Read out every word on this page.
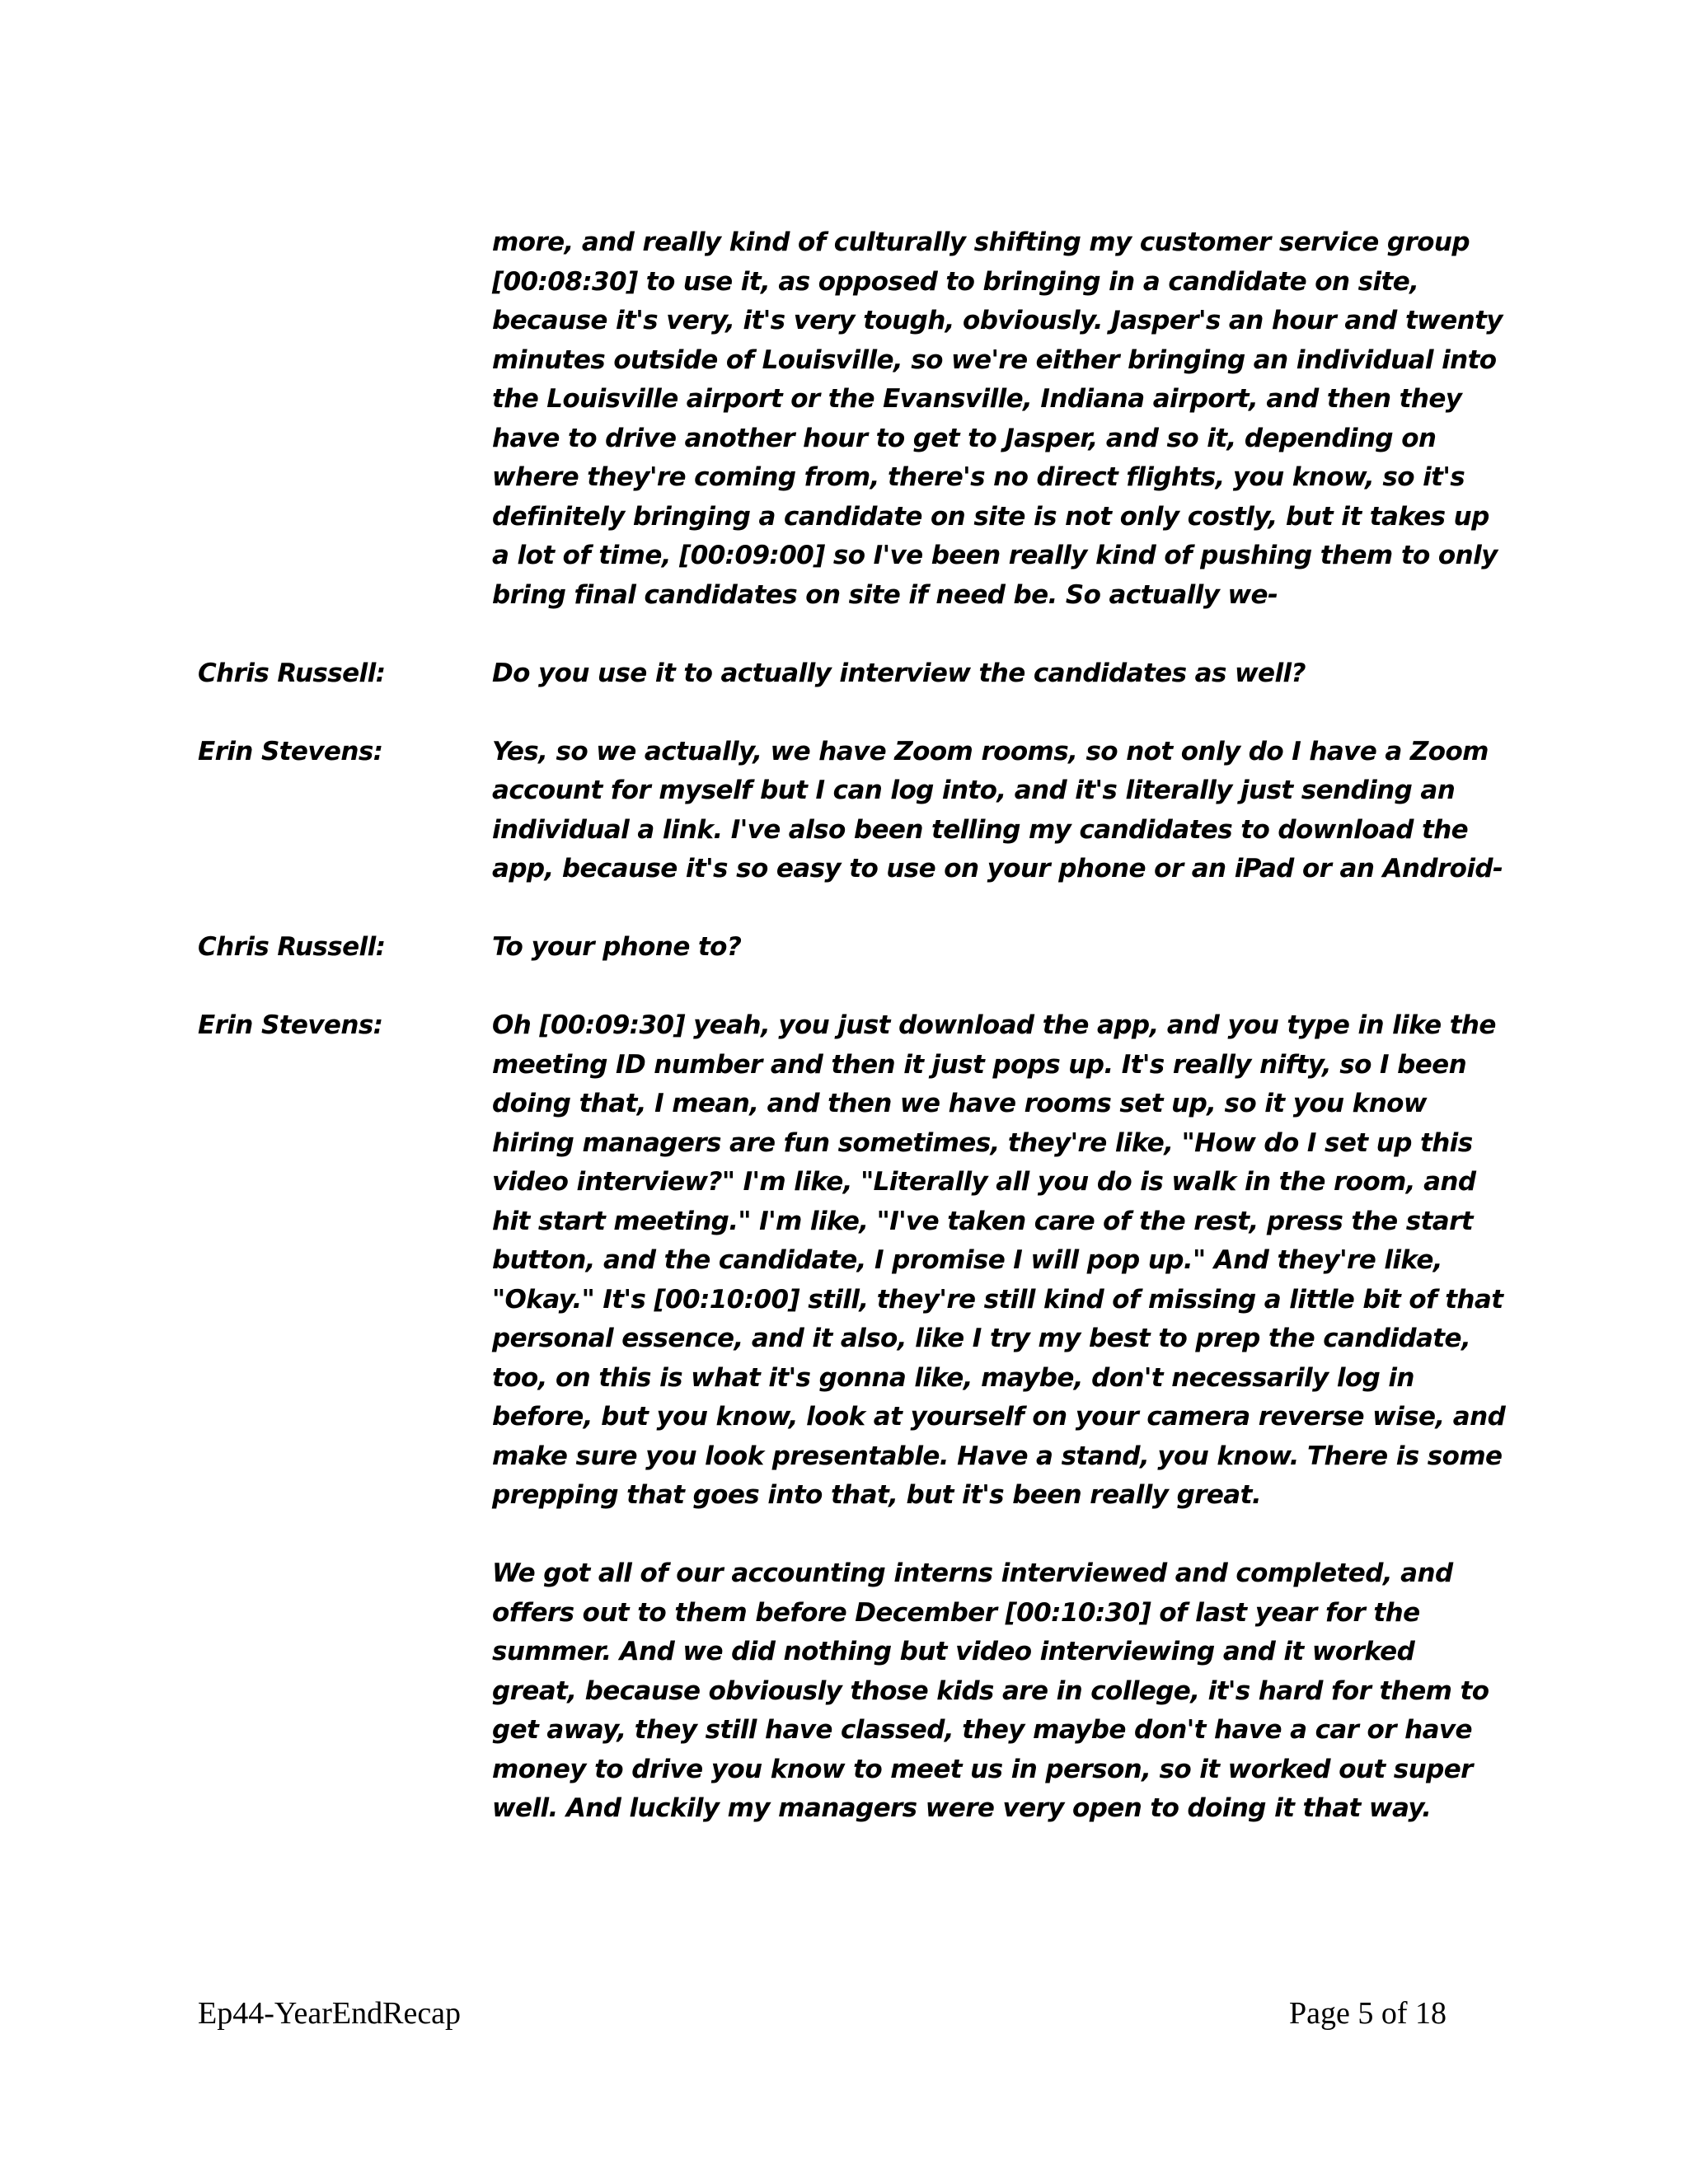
more, and really kind of culturally shifting my customer service group
[00:08:30] to use it, as opposed to bringing in a candidate on site,
because it's very, it's very tough, obviously. Jasper's an hour and twenty
minutes outside of Louisville, so we're either bringing an individual into
the Louisville airport or the Evansville, Indiana airport, and then they
have to drive another hour to get to Jasper, and so it, depending on
where they're coming from, there's no direct flights, you know, so it's
definitely bringing a candidate on site is not only costly, but it takes up
a lot of time, [00:09:00] so I've been really kind of pushing them to only
bring final candidates on site if need be. So actually we-

Chris Russell:	Do you use it to actually interview the candidates as well?

Erin Stevens:	Yes, so we actually, we have Zoom rooms, so not only do I have a Zoom
account for myself but I can log into, and it's literally just sending an
individual a link. I've also been telling my candidates to download the
app, because it's so easy to use on your phone or an iPad or an Android-

Chris Russell:	To your phone to?

Erin Stevens:	Oh [00:09:30] yeah, you just download the app, and you type in like the
meeting ID number and then it just pops up. It's really nifty, so I been
doing that, I mean, and then we have rooms set up, so it you know
hiring managers are fun sometimes, they're like, "How do I set up this
video interview?" I'm like, "Literally all you do is walk in the room, and
hit start meeting." I'm like, "I've taken care of the rest, press the start
button, and the candidate, I promise I will pop up." And they're like,
"Okay." It's [00:10:00] still, they're still kind of missing a little bit of that
personal essence, and it also, like I try my best to prep the candidate,
too, on this is what it's gonna like, maybe, don't necessarily log in
before, but you know, look at yourself on your camera reverse wise, and
make sure you look presentable. Have a stand, you know. There is some
prepping that goes into that, but it's been really great.

We got all of our accounting interns interviewed and completed, and
offers out to them before December [00:10:30] of last year for the
summer. And we did nothing but video interviewing and it worked
great, because obviously those kids are in college, it's hard for them to
get away, they still have classed, they maybe don't have a car or have
money to drive you know to meet us in person, so it worked out super
well. And luckily my managers were very open to doing it that way.

Ep44-YearEndRecap	Page 5 of 18
